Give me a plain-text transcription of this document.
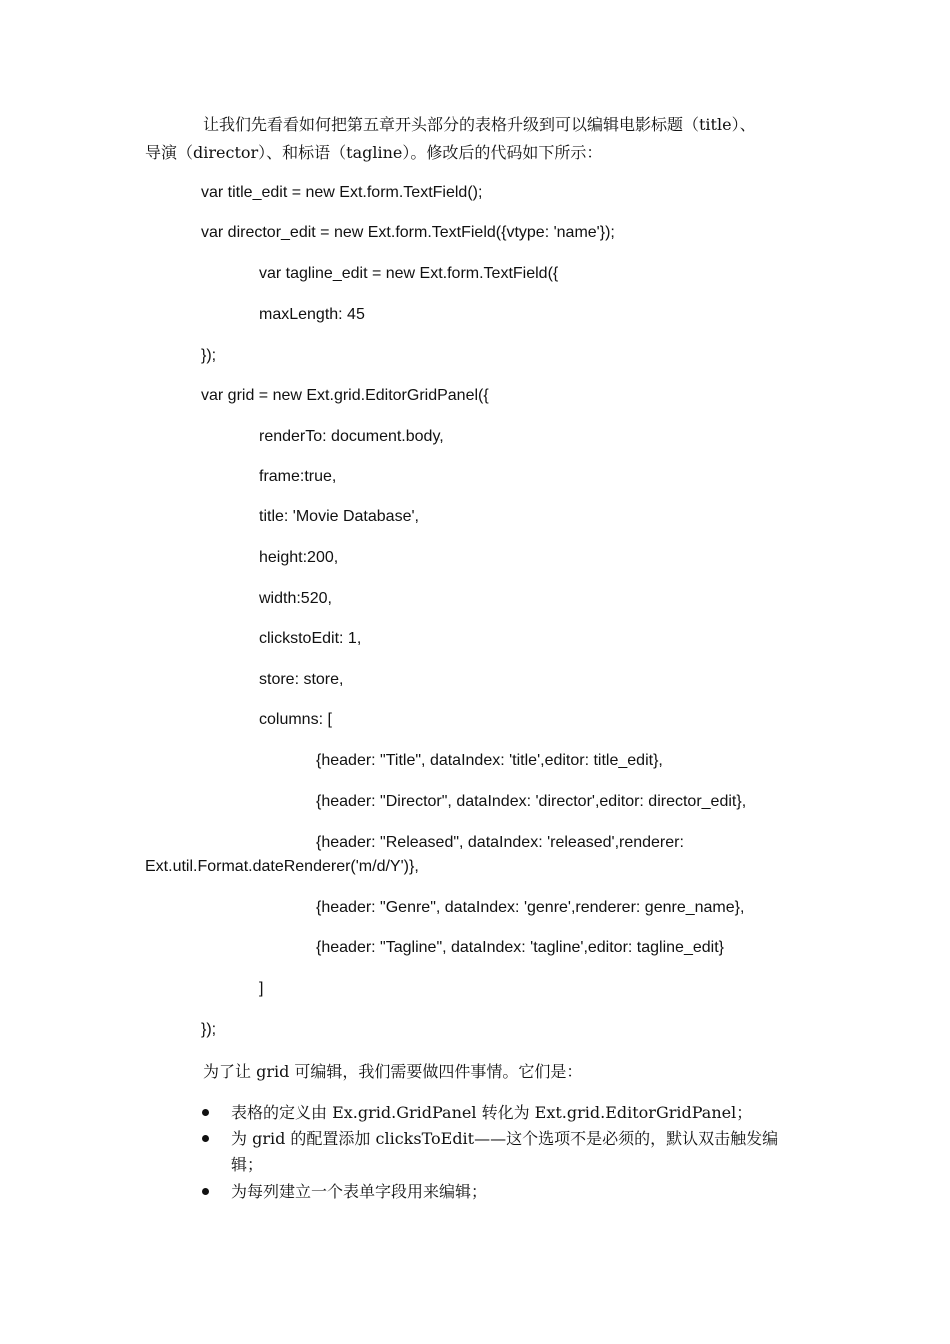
让我们先看看如何把第五章开头部分的表格升级到可以编辑电影标题（title）、
导演（director）、和标语（tagline）。修改后的代码如下所示：
var title_edit = new Ext.form.TextField();
var director_edit = new Ext.form.TextField({vtype: 'name'});
var tagline_edit = new Ext.form.TextField({
maxLength: 45
});
var grid = new Ext.grid.EditorGridPanel({
renderTo: document.body,
frame:true,
title: 'Movie Database',
height:200,
width:520,
clickstoEdit: 1,
store: store,
columns: [
{header: "Title", dataIndex: 'title',editor: title_edit},
{header: "Director", dataIndex: 'director',editor: director_edit},
{header: "Released", dataIndex: 'released',renderer:
Ext.util.Format.dateRenderer('m/d/Y')},
{header: "Genre", dataIndex: 'genre',renderer: genre_name},
{header: "Tagline", dataIndex: 'tagline',editor: tagline_edit}
]
});
为了让 grid 可编辑，我们需要做四件事情。它们是：
表格的定义由 Ex.grid.GridPanel 转化为 Ext.grid.EditorGridPanel；
为 grid 的配置添加 clicksToEdit——这个选项不是必须的，默认双击触发编
辑；
为每列建立一个表单字段用来编辑；
